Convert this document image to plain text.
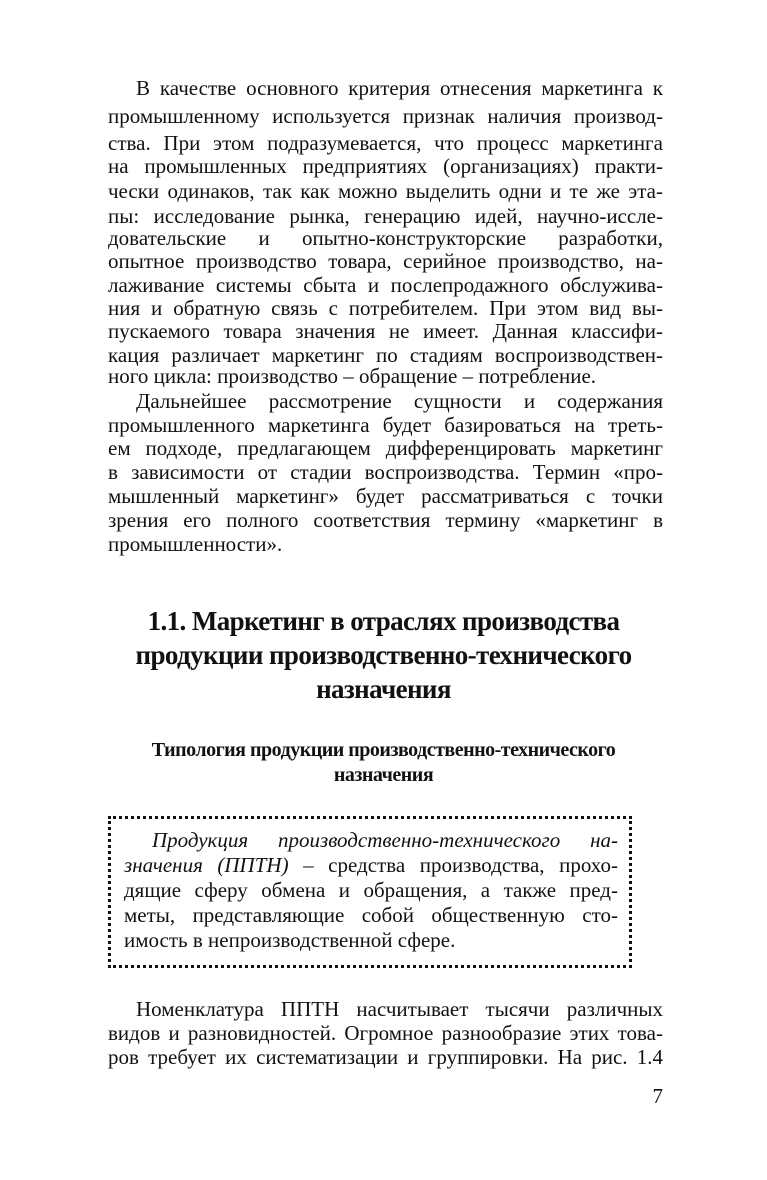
В качестве основного критерия отнесения маркетинга к
промышленному используется признак наличия производ-
ства. При этом подразумевается, что процесс маркетинга
на промышленных предприятиях (организациях) практи-
чески одинаков, так как можно выделить одни и те же эта-
пы: исследование рынка, генерацию идей, научно-иссле-
довательские и опытно-конструкторские разработки,
опытное производство товара, серийное производство, на-
лаживание системы сбыта и послепродажного обслужива-
ния и обратную связь с потребителем. При этом вид вы-
пускаемого товара значения не имеет. Данная классифи-
кация различает маркетинг по стадиям воспроизводствен-
ного цикла: производство – обращение – потребление.
Дальнейшее рассмотрение сущности и содержания
промышленного маркетинга будет базироваться на треть-
ем подходе, предлагающем дифференцировать маркетинг
в зависимости от стадии воспроизводства. Термин «про-
мышленный маркетинг» будет рассматриваться с точки
зрения его полного соответствия термину «маркетинг в
промышленности».
1.1. Маркетинг в отраслях производства
продукции производственно-технического
назначения
Типология продукции производственно-технического
назначения
Продукция производственно-технического на-
значения (ППТН) – средства производства, прохо-
дящие сферу обмена и обращения, а также пред-
меты, представляющие собой общественную сто-
имость в непроизводственной сфере.
Номенклатура ППТН насчитывает тысячи различных
видов и разновидностей. Огромное разнообразие этих това-
ров требует их систематизации и группировки. На рис. 1.4
7
